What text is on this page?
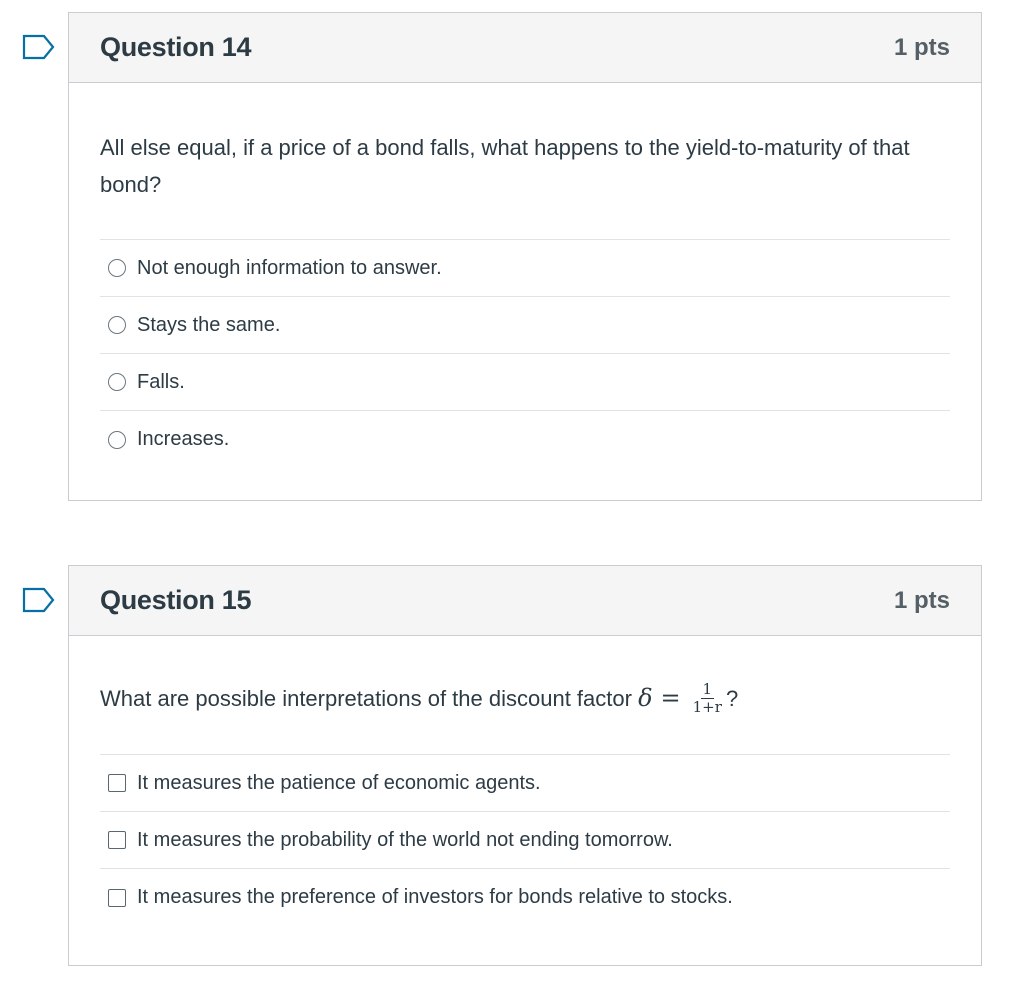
Question 14	1 pts
All else equal, if a price of a bond falls, what happens to the yield-to-maturity of that bond?
Not enough information to answer.
Stays the same.
Falls.
Increases.
Question 15	1 pts
What are possible interpretations of the discount factor $\delta = \frac{1}{1+r}$ ?
It measures the patience of economic agents.
It measures the probability of the world not ending tomorrow.
It measures the preference of investors for bonds relative to stocks.
